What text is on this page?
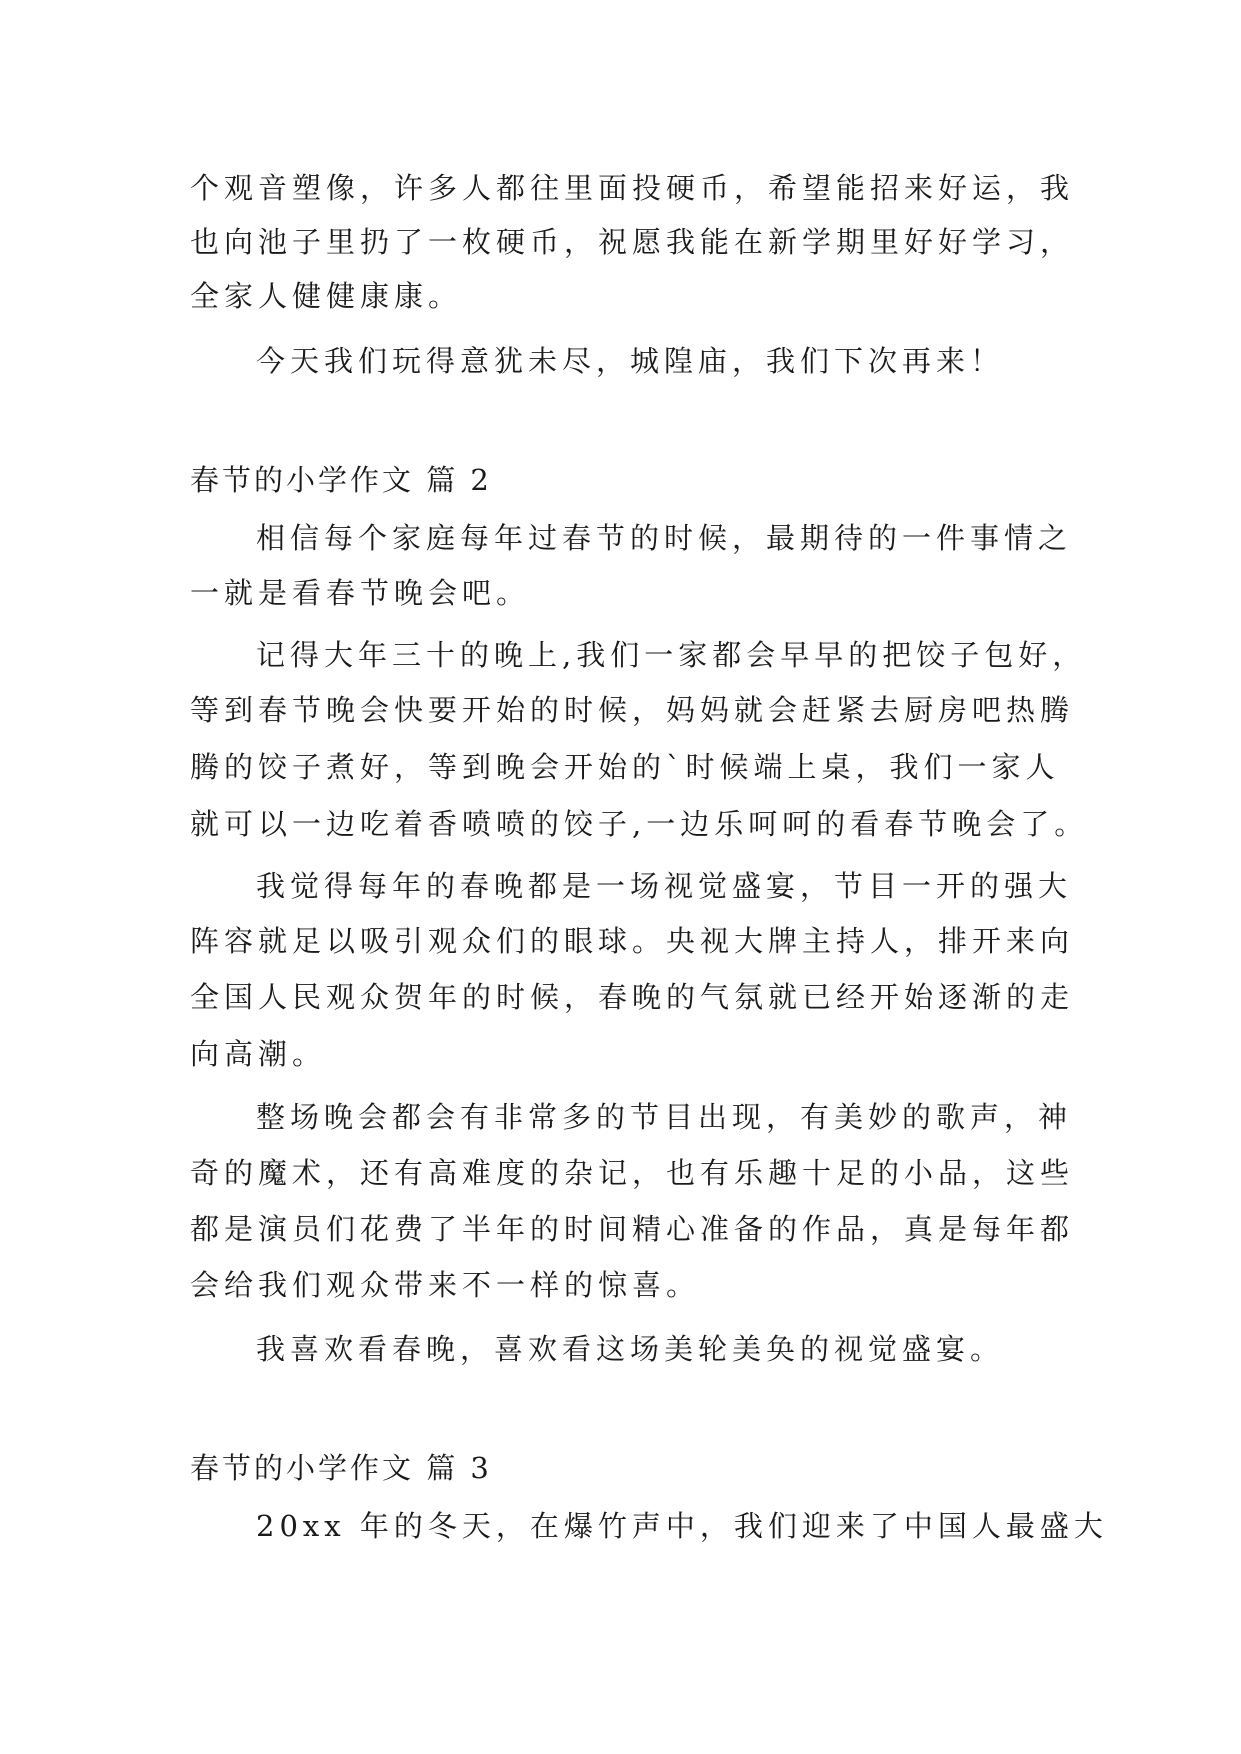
个观音塑像，许多人都往里面投硬币，希望能招来好运，我
也向池子里扔了一枚硬币，祝愿我能在新学期里好好学习，
全家人健健康康。
今天我们玩得意犹未尽，城隍庙，我们下次再来！
春节的小学作文 篇 2
相信每个家庭每年过春节的时候，最期待的一件事情之
一就是看春节晚会吧。
记得大年三十的晚上,我们一家都会早早的把饺子包好，
等到春节晚会快要开始的时候，妈妈就会赶紧去厨房吧热腾
腾的饺子煮好，等到晚会开始的`时候端上桌，我们一家人
就可以一边吃着香喷喷的饺子,一边乐呵呵的看春节晚会了。
我觉得每年的春晚都是一场视觉盛宴，节目一开的强大
阵容就足以吸引观众们的眼球。央视大牌主持人，排开来向
全国人民观众贺年的时候，春晚的气氛就已经开始逐渐的走
向高潮。
整场晚会都会有非常多的节目出现，有美妙的歌声，神
奇的魔术，还有高难度的杂记，也有乐趣十足的小品，这些
都是演员们花费了半年的时间精心准备的作品，真是每年都
会给我们观众带来不一样的惊喜。
我喜欢看春晚，喜欢看这场美轮美奂的视觉盛宴。
春节的小学作文 篇 3
20xx 年的冬天，在爆竹声中，我们迎来了中国人最盛大
